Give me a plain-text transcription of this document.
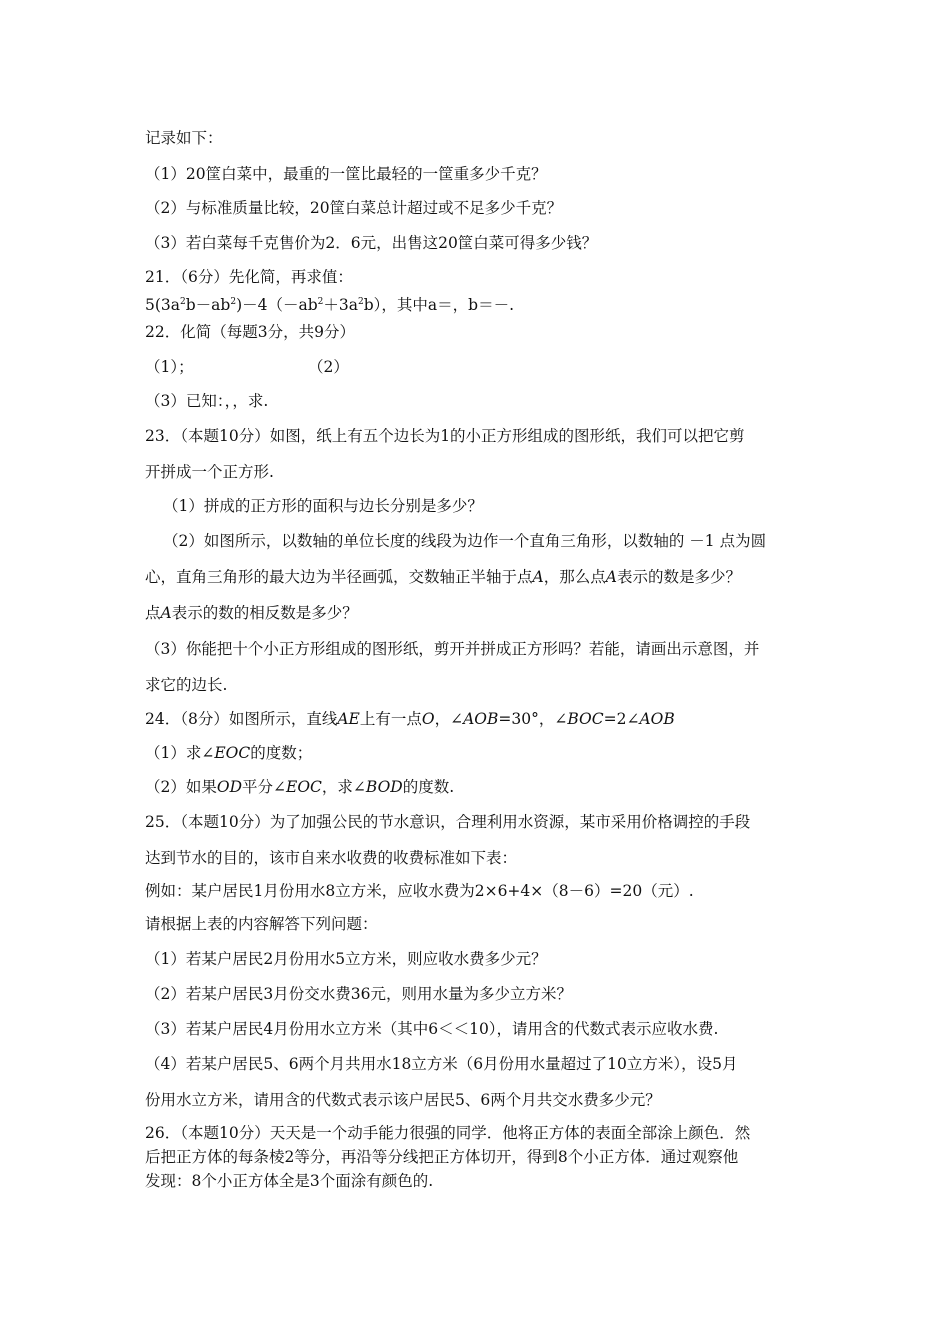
记录如下：
（1）20筐白菜中，最重的一筐比最轻的一筐重多少千克？
（2）与标准质量比较，20筐白菜总计超过或不足多少千克？
（3）若白菜每千克售价为2．6元，出售这20筐白菜可得多少钱？
21．（6分）先化简，再求值：
$5(3a^2b-ab^2)-4(-ab^2+3a^2b)$，其中a＝，b＝－.
22．化简（每题3分，共9分）
（1）；	（2）
（3）已知：，，求.
23．（本题10分）如图，纸上有五个边长为1的小正方形组成的图形纸，我们可以把它剪
开拼成一个正方形.
（1）拼成的正方形的面积与边长分别是多少？
（2）如图所示，以数轴的单位长度的线段为边作一个直角三角形，以数轴的 －1 点为圆
心，直角三角形的最大边为半径画弧，交数轴正半轴于点A，那么点A表示的数是多少？
点A表示的数的相反数是多少？
（3）你能把十个小正方形组成的图形纸，剪开并拼成正方形吗？若能，请画出示意图，并
求它的边长.
24．（8分）如图所示，直线AE上有一点O，∠AOB=30°，∠BOC=2∠AOB
（1）求∠EOC的度数；
（2）如果OD平分∠EOC，求∠BOD的度数.
25．（本题10分）为了加强公民的节水意识，合理利用水资源，某市采用价格调控的手段
达到节水的目的，该市自来水收费的收费标准如下表：
例如：某户居民1月份用水8立方米，应收水费为2×6+4×（8－6）=20（元）.
请根据上表的内容解答下列问题：
（1）若某户居民2月份用水5立方米，则应收水费多少元？
（2）若某户居民3月份交水费36元，则用水量为多少立方米？
（3）若某户居民4月份用水立方米（其中6＜＜10），请用含的代数式表示应收水费.
（4）若某户居民5、6两个月共用水18立方米（6月份用水量超过了10立方米），设5月
份用水立方米，请用含的代数式表示该户居民5、6两个月共交水费多少元？
26．（本题10分）天天是一个动手能力很强的同学．他将正方体的表面全部涂上颜色．然
后把正方体的每条棱2等分，再沿等分线把正方体切开，得到8个小正方体．通过观察他
发现：8个小正方体全是3个面涂有颜色的.
